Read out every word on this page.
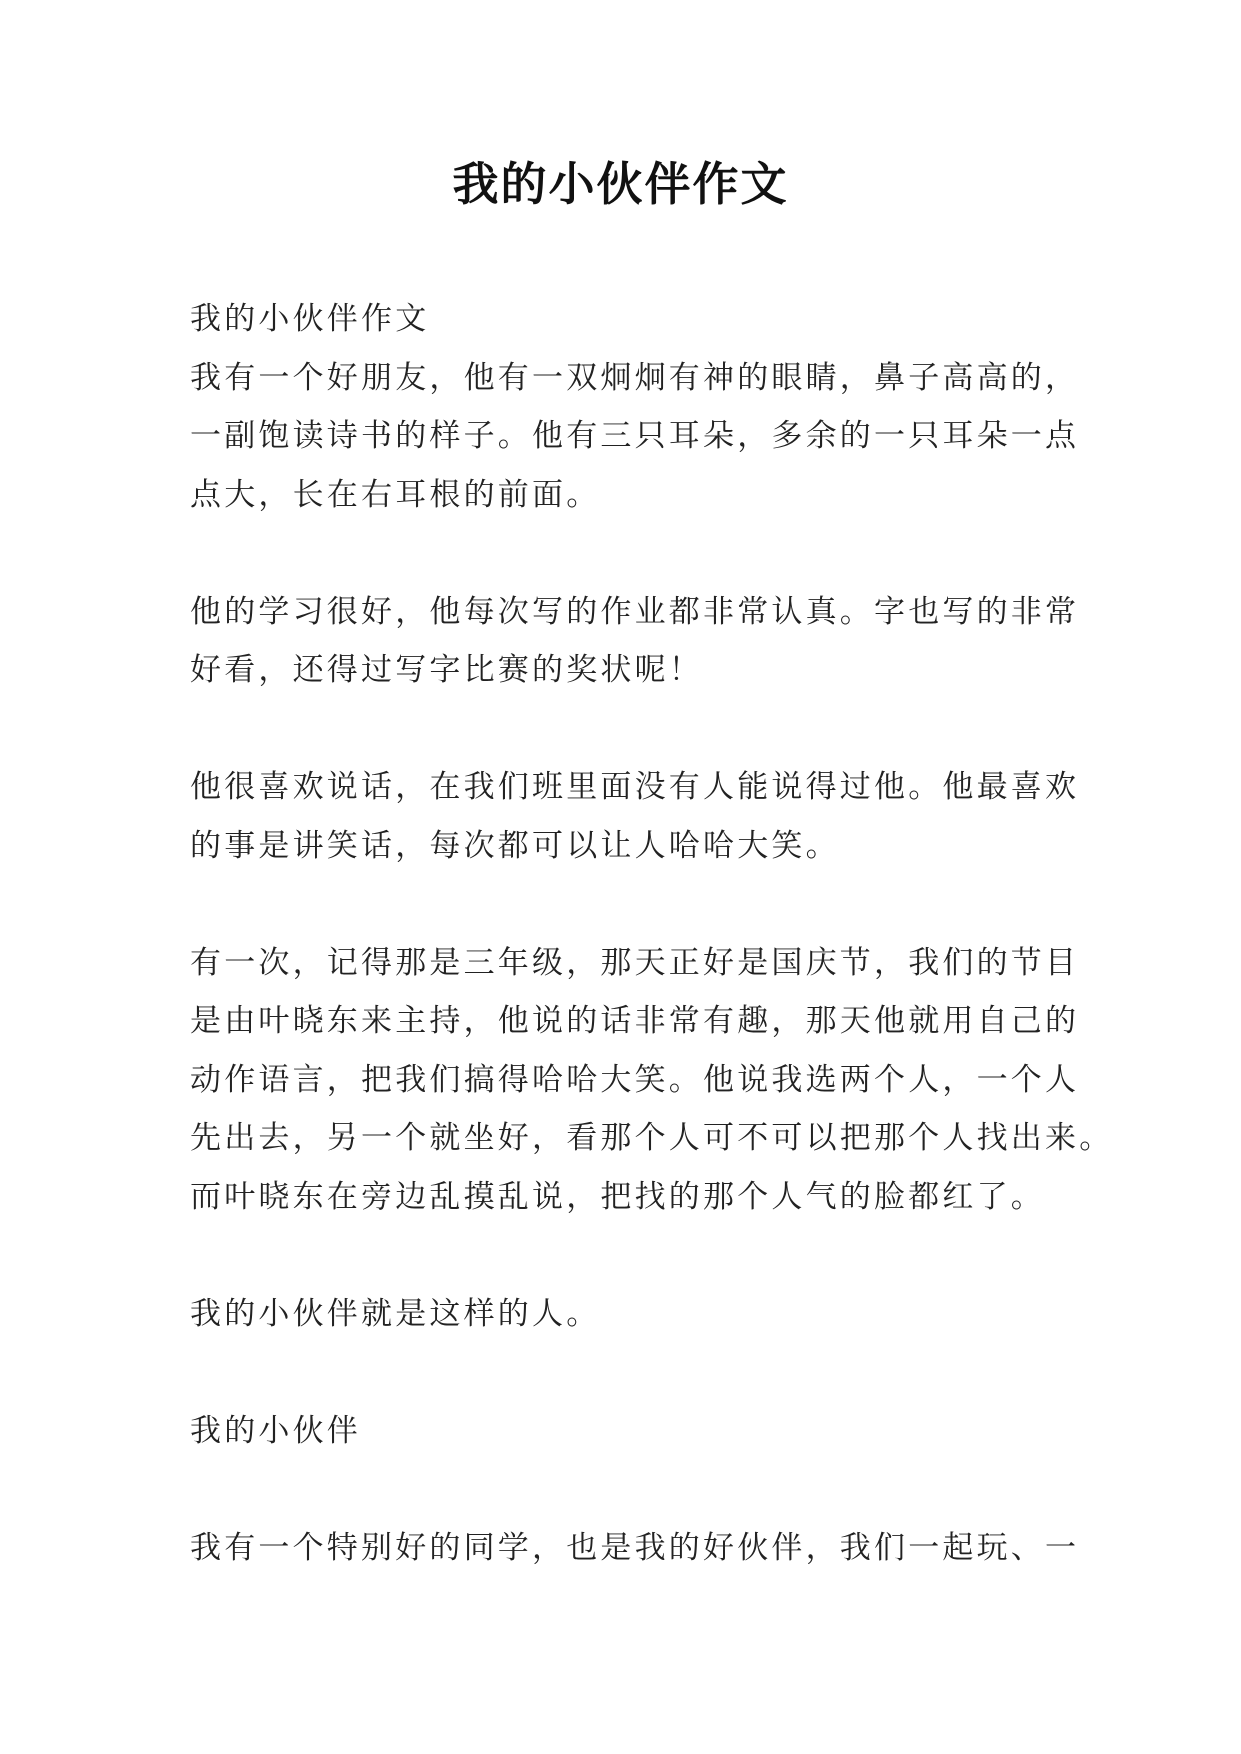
我的小伙伴作文

我的小伙伴作文

我有一个好朋友，他有一双炯炯有神的眼睛，鼻子高高的，
一副饱读诗书的样子。他有三只耳朵，多余的一只耳朵一点
点大，长在右耳根的前面。

他的学习很好，他每次写的作业都非常认真。字也写的非常
好看，还得过写字比赛的奖状呢！

他很喜欢说话，在我们班里面没有人能说得过他。他最喜欢
的事是讲笑话，每次都可以让人哈哈大笑。

有一次，记得那是三年级，那天正好是国庆节，我们的节目
是由叶晓东来主持，他说的话非常有趣，那天他就用自己的
动作语言，把我们搞得哈哈大笑。他说我选两个人，一个人
先出去，另一个就坐好，看那个人可不可以把那个人找出来。
而叶晓东在旁边乱摸乱说，把找的那个人气的脸都红了。

我的小伙伴就是这样的人。

我的小伙伴

我有一个特别好的同学，也是我的好伙伴，我们一起玩、一
